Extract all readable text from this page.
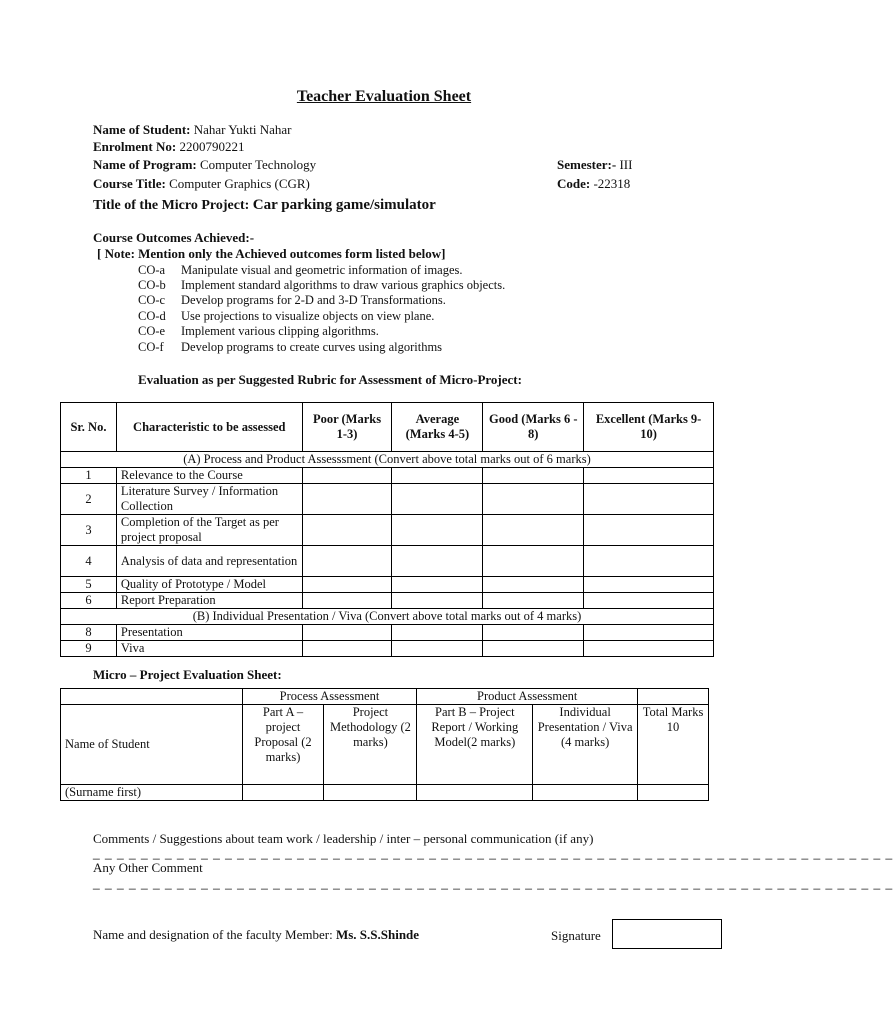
Teacher Evaluation Sheet
Name of Student: Nahar Yukti Nahar
Enrolment No: 2200790221
Name of Program: Computer Technology	Semester:- III
Course Title: Computer Graphics (CGR)	Code: -22318
Title of the Micro Project: Car parking game/simulator
Course Outcomes Achieved:-
[ Note: Mention only the Achieved outcomes form listed below]
CO-a Manipulate visual and geometric information of images.
CO-b Implement standard algorithms to draw various graphics objects.
CO-c Develop programs for 2-D and 3-D Transformations.
CO-d Use projections to visualize objects on view plane.
CO-e Implement various clipping algorithms.
CO-f Develop programs to create curves using algorithms
Evaluation as per Suggested Rubric for Assessment of Micro-Project:
Sr. No.	Characteristic to be assessed	Poor (Marks 1-3)	Average (Marks 4-5)	Good (Marks 6 - 8)	Excellent (Marks 9-10)
(A) Process and Product Assesssment (Convert above total marks out of 6 marks)					
1	Relevance to the Course				
2	Literature Survey / Information Collection				
3	Completion of the Target as per project proposal				
4	Analysis of data and representation				
5	Quality of Prototype / Model				
6	Report Preparation				
(B) Individual Presentation / Viva (Convert above total marks out of 4 marks)					
8	Presentation				
9	Viva				
Micro – Project Evaluation Sheet:
	Process Assessment		Product Assessment		
Name of Student	Part A – project Proposal (2 marks)	Project Methodology (2 marks)	Part B – Project Report / Working Model(2 marks)	Individual Presentation / Viva (4 marks)	Total Marks 10
(Surname first)					
Comments / Suggestions about team work / leadership / inter – personal communication (if any)
_ _ _ _ _ _ _ _ _ _ _ _ _ _ _ _ _ _ _ _ _ _ _ _ _ _ _ _ _ _ _ _ _ _ _ _ _ _ _ _ _ _ _ _ _ _ _ _ _ _ _ _ _ _ _ _ _ _ _ _ _ _ _ _ _ _ _
Any Other Comment
_ _ _ _ _ _ _ _ _ _ _ _ _ _ _ _ _ _ _ _ _ _ _ _ _ _ _ _ _ _ _ _ _ _ _ _ _ _ _ _ _ _ _ _ _ _ _ _ _ _ _ _ _ _ _ _ _ _ _ _ _ _ _ _ _ _ _
Name and designation of the faculty Member: Ms. S.S.Shinde	Signature
